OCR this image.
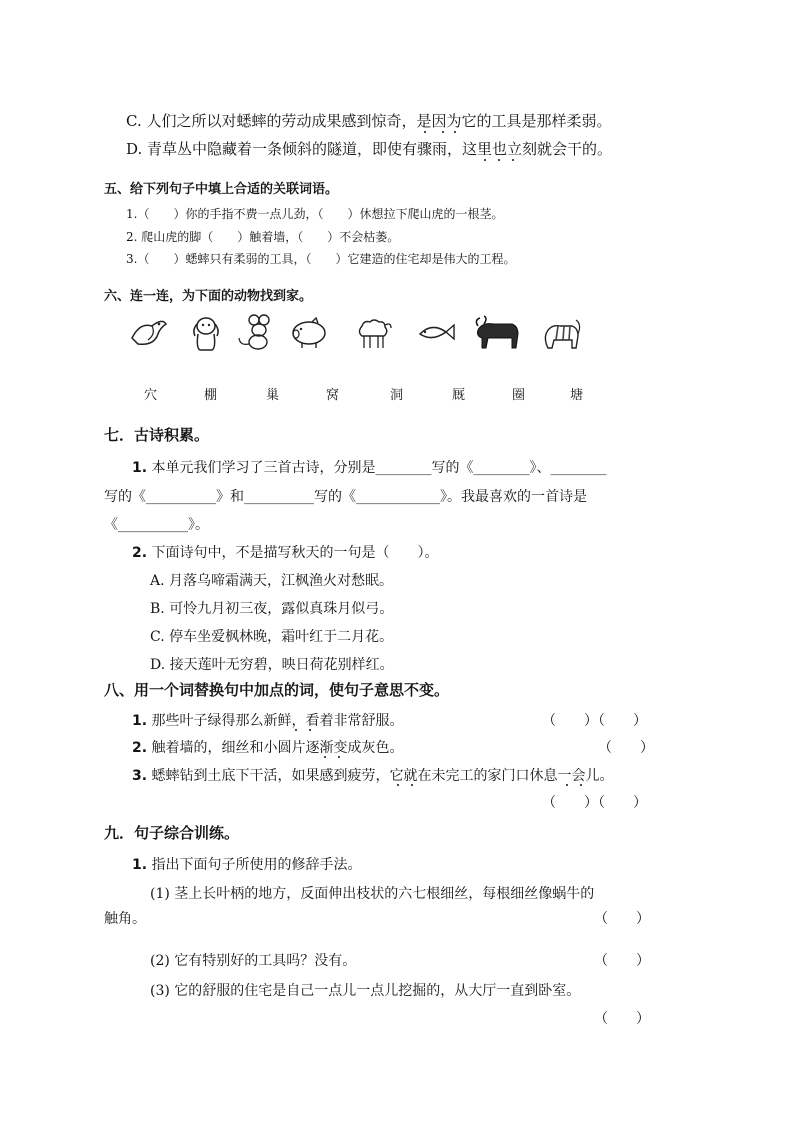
C. 人们之所以对蟋蟀的劳动成果感到惊奇，是因为它的工具是那样柔弱。
D. 青草丛中隐藏着一条倾斜的隧道，即使有骤雨，这里也立刻就会干的。
五、给下列句子中填上合适的关联词语。
1.（　　）你的手指不费一点儿劲，（　　）休想拉下爬山虎的一根茎。
2. 爬山虎的脚（　　）触着墙，（　　）不会枯萎。
3.（　　）蟋蟀只有柔弱的工具，（　　）它建造的住宅却是伟大的工程。
六、连一连，为下面的动物找到家。
穴	棚	巢	窝	洞	厩	圈	塘
七．古诗积累。
1. 本单元我们学习了三首古诗，分别是________写的《________》、________
写的《__________》和__________写的《____________》。我最喜欢的一首诗是
《__________》。
2. 下面诗句中，不是描写秋天的一句是（　　）。
A. 月落乌啼霜满天，江枫渔火对愁眠。
B. 可怜九月初三夜，露似真珠月似弓。
C. 停车坐爱枫林晚，霜叶红于二月花。
D. 接天莲叶无穷碧，映日荷花别样红。
八、用一个词替换句中加点的词，使句子意思不变。
1. 那些叶子绿得那么新鲜，看着非常舒服。	（　　）（　　）
2. 触着墙的，细丝和小圆片逐渐变成灰色。	（　　）
3. 蟋蟀钻到土底下干活，如果感到疲劳，它就在未完工的家门口休息一会儿。
（　　）（　　）
九．句子综合训练。
1. 指出下面句子所使用的修辞手法。
(1) 茎上长叶柄的地方，反面伸出枝状的六七根细丝，每根细丝像蜗牛的
触角。	（　　）
(2) 它有特别好的工具吗？没有。	（　　）
(3) 它的舒服的住宅是自己一点儿一点儿挖掘的，从大厅一直到卧室。
（　　）
